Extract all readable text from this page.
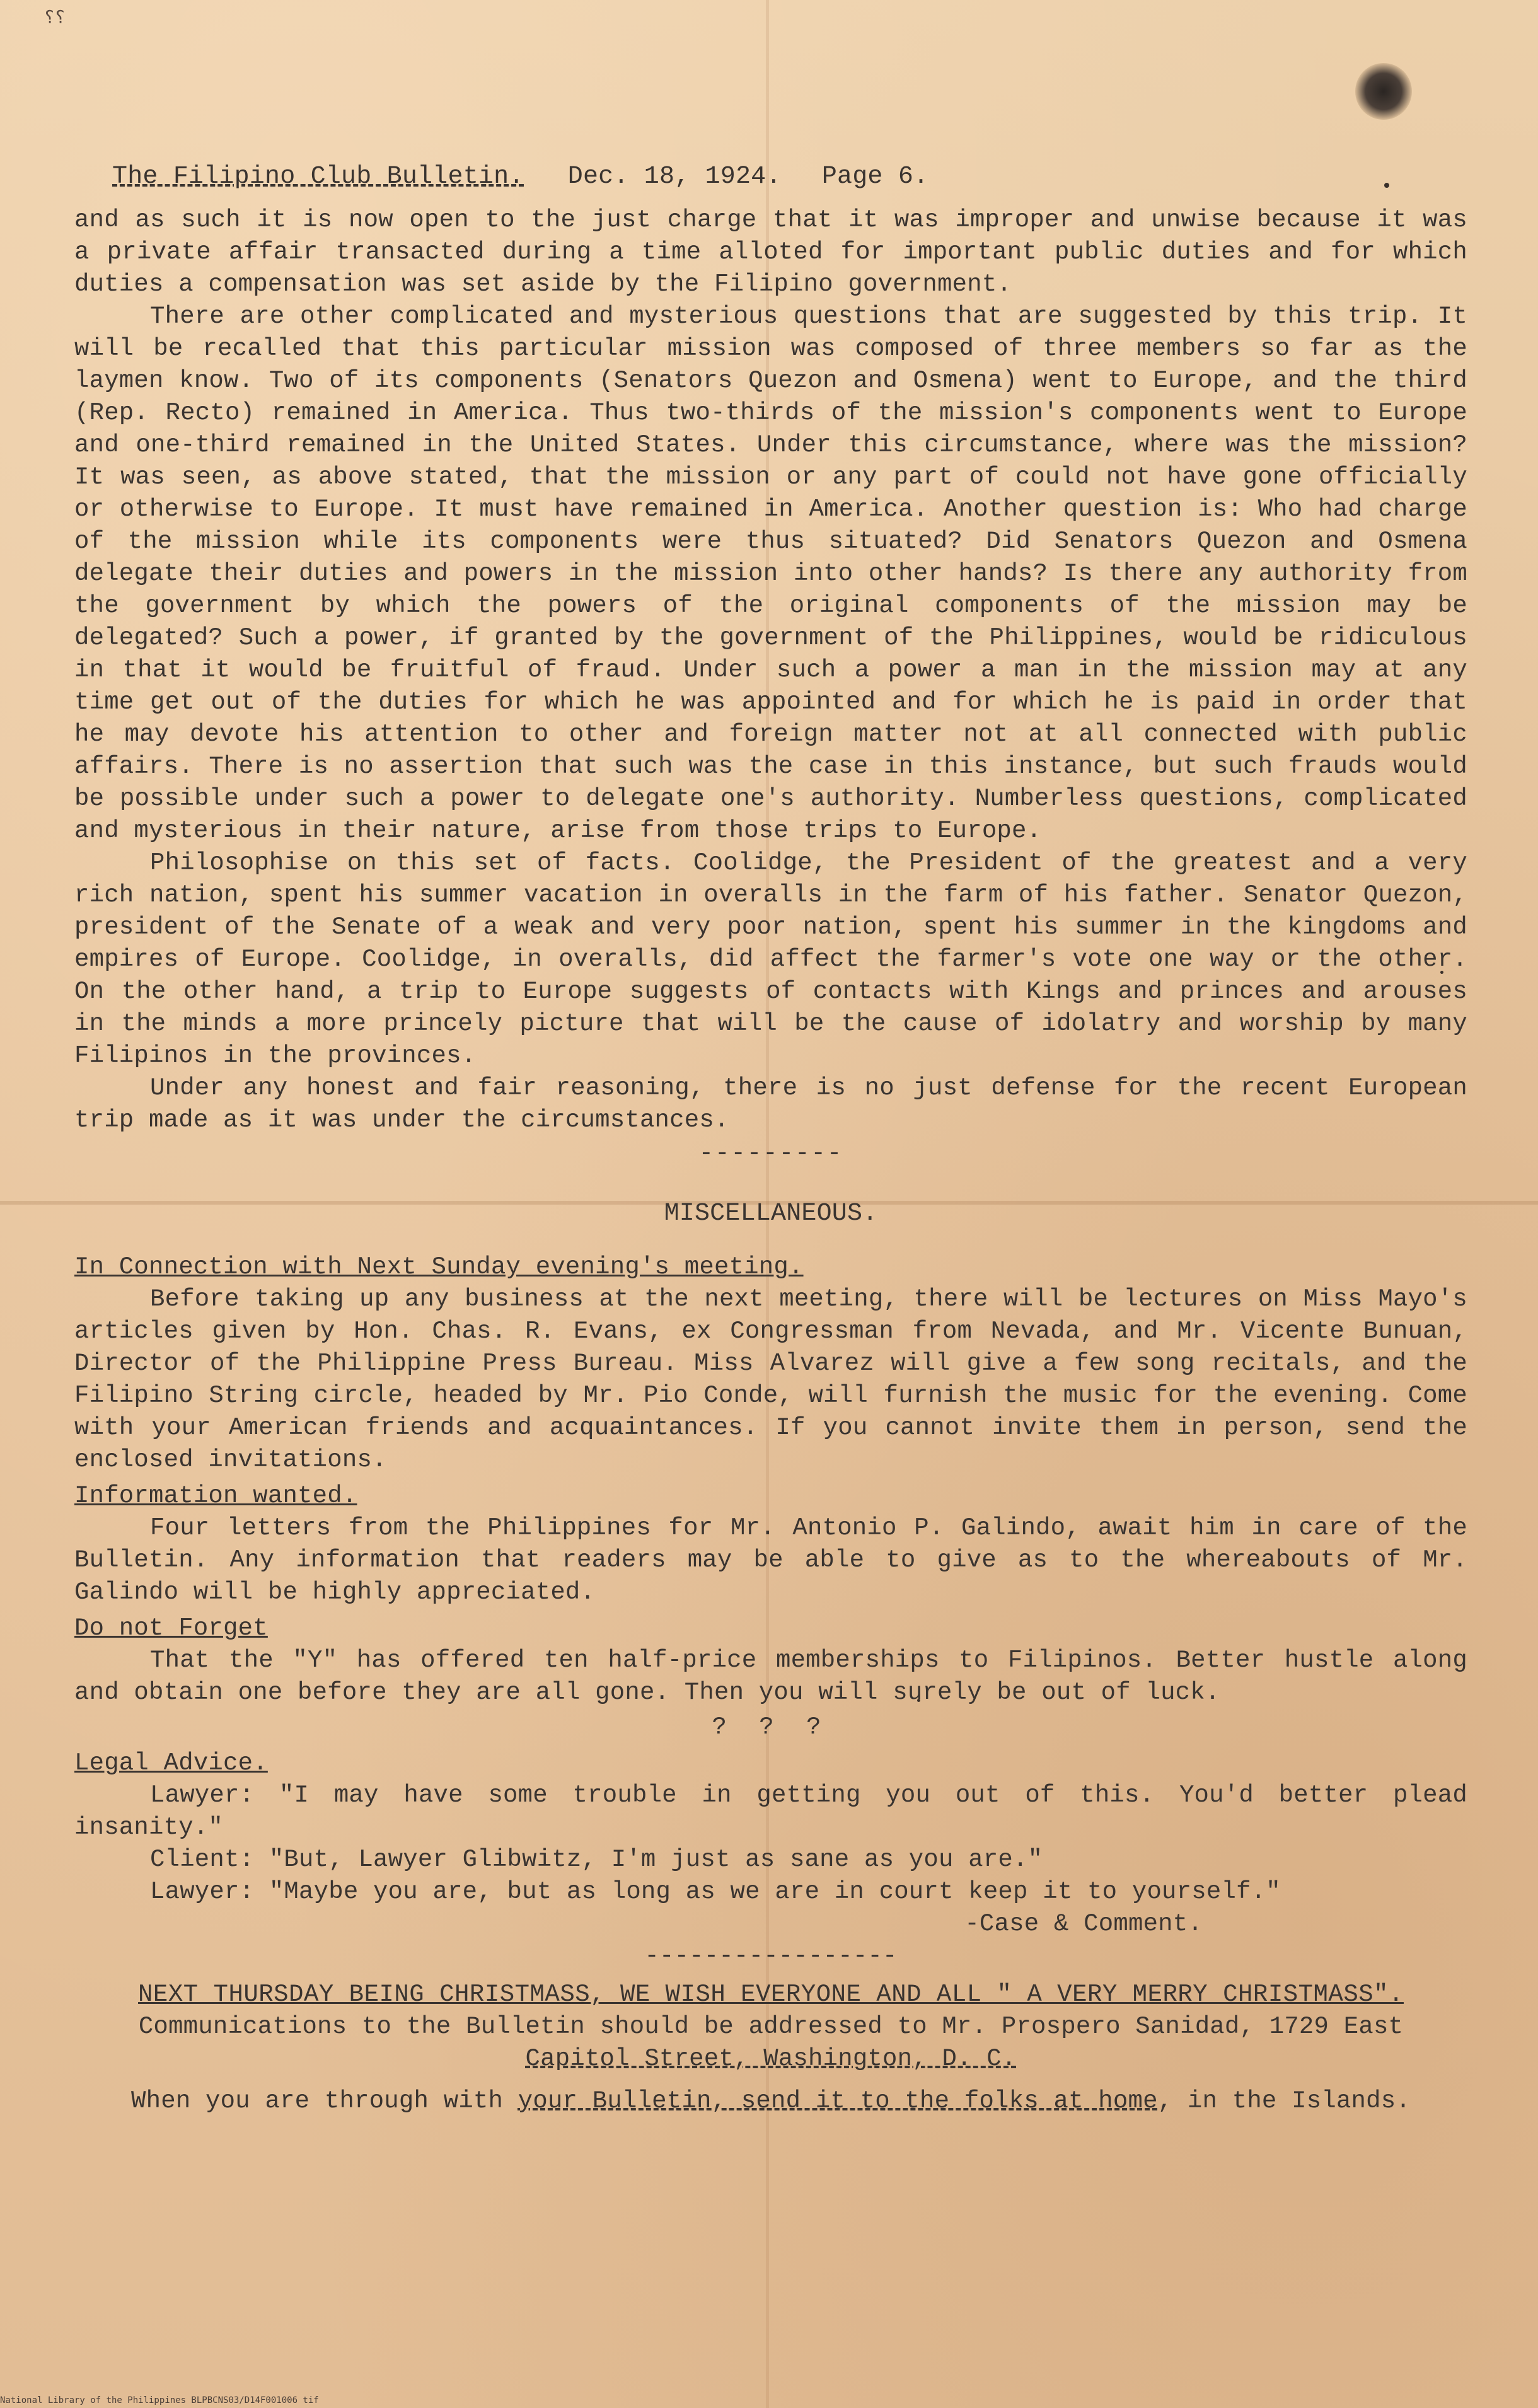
⸮⸮
The Filipino Club Bulletin. Dec. 18, 1924. Page 6.

and as such it is now open to the just charge that it was improper and unwise because it was a private affair transacted during a time alloted for important public duties and for which duties a compensation was set aside by the Filipino government.

There are other complicated and mysterious questions that are suggested by this trip. It will be recalled that this particular mission was composed of three members so far as the laymen know. Two of its components (Senators Quezon and Osmena) went to Europe, and the third (Rep. Recto) remained in America. Thus two-thirds of the mission's components went to Europe and one-third remained in the United States. Under this circumstance, where was the mission? It was seen, as above stated, that the mission or any part of could not have gone officially or otherwise to Europe. It must have remained in America. Another question is: Who had charge of the mission while its components were thus situated? Did Senators Quezon and Osmena delegate their duties and powers in the mission into other hands? Is there any authority from the government by which the powers of the original components of the mission may be delegated? Such a power, if granted by the government of the Philippines, would be ridiculous in that it would be fruitful of fraud. Under such a power a man in the mission may at any time get out of the duties for which he was appointed and for which he is paid in order that he may devote his attention to other and foreign matter not at all connected with public affairs. There is no assertion that such was the case in this instance, but such frauds would be possible under such a power to delegate one's authority. Numberless questions, complicated and mysterious in their nature, arise from those trips to Europe.

Philosophise on this set of facts. Coolidge, the President of the greatest and a very rich nation, spent his summer vacation in overalls in the farm of his father. Senator Quezon, president of the Senate of a weak and very poor nation, spent his summer in the kingdoms and empires of Europe. Coolidge, in overalls, did affect the farmer's vote one way or the other. On the other hand, a trip to Europe suggests of contacts with Kings and princes and arouses in the minds a more princely picture that will be the cause of idolatry and worship by many Filipinos in the provinces.

Under any honest and fair reasoning, there is no just defense for the recent European trip made as it was under the circumstances.

---------
MISCELLANEOUS.
In Connection with Next Sunday evening's meeting.

Before taking up any business at the next meeting, there will be lectures on Miss Mayo's articles given by Hon. Chas. R. Evans, ex Congressman from Nevada, and Mr. Vicente Bunuan, Director of the Philippine Press Bureau. Miss Alvarez will give a few song recitals, and the Filipino String circle, headed by Mr. Pio Conde, will furnish the music for the evening. Come with your American friends and acquaintances. If you cannot invite them in person, send the enclosed invitations.

Information wanted.

Four letters from the Philippines for Mr. Antonio P. Galindo, await him in care of the Bulletin. Any information that readers may be able to give as to the whereabouts of Mr. Galindo will be highly appreciated.

Do not Forget

That the "Y" has offered ten half-price memberships to Filipinos. Better hustle along and obtain one before they are all gone. Then you will surely be out of luck.

? ? ?
Legal Advice.

Lawyer: "I may have some trouble in getting you out of this. You'd better plead insanity."

Client: "But, Lawyer Glibwitz, I'm just as sane as you are."

Lawyer: "Maybe you are, but as long as we are in court keep it to yourself."

-Case & Comment.
-----------------
NEXT THURSDAY BEING CHRISTMASS, WE WISH EVERYONE AND ALL " A VERY MERRY CHRISTMASS".
Communications to the Bulletin should be addressed to Mr. Prospero Sanidad, 1729 East
Capitol Street, Washington, D. C.
When you are through with your Bulletin, send it to the folks at home, in the Islands.
National Library of the Philippines BLPBCNS03/D14F001006 tif
